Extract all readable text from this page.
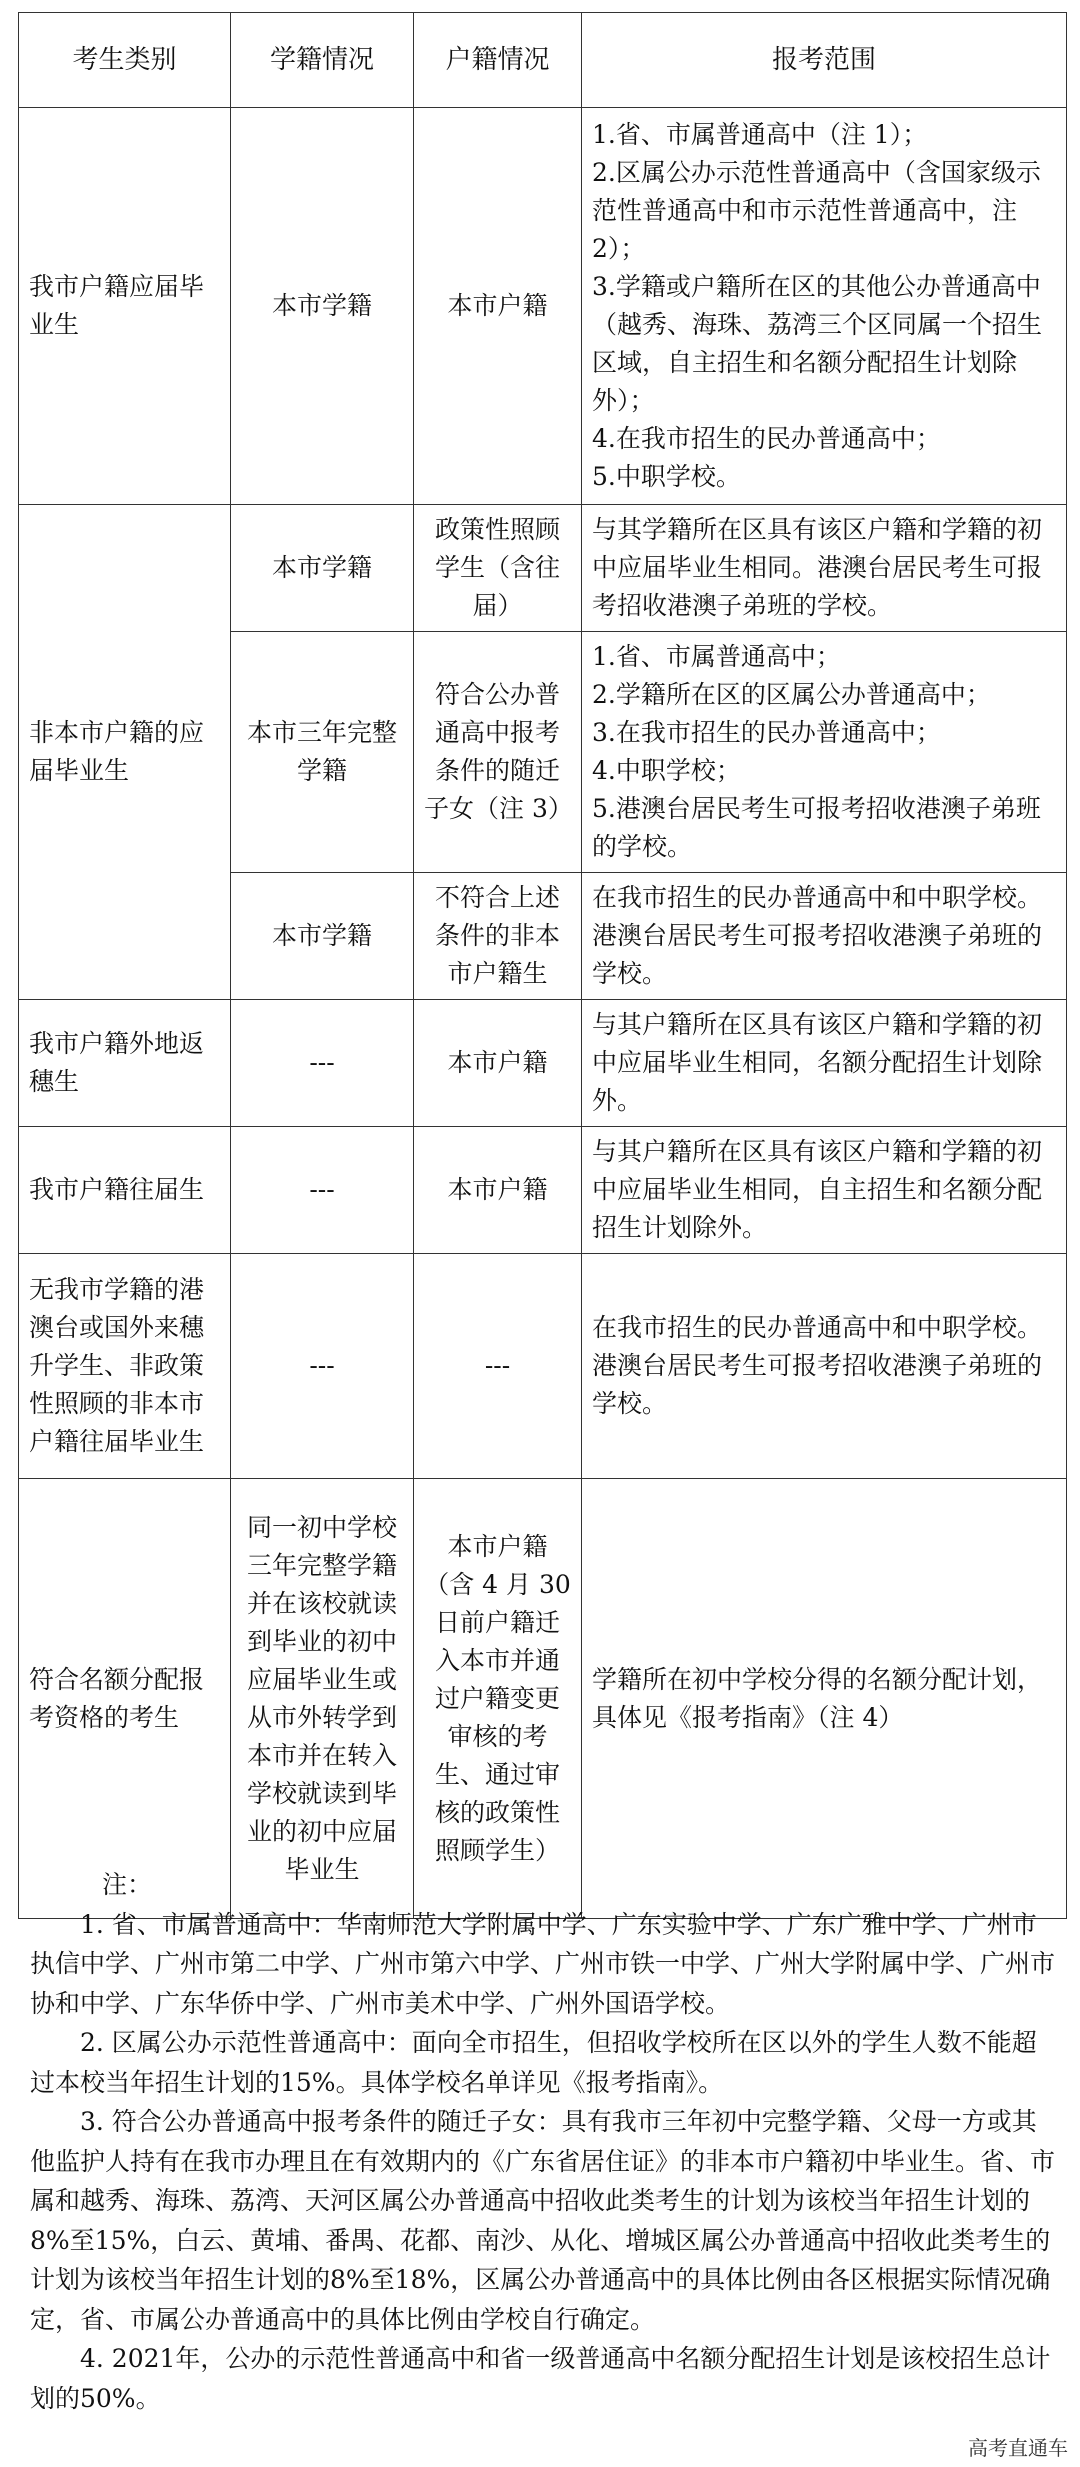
考生类别	学籍情况	户籍情况	报考范围
我市户籍应届毕业生	本市学籍	本市户籍	1.省、市属普通高中（注 1）；
2.区属公办示范性普通高中（含国家级示范性普通高中和市示范性普通高中，注 2）；
3.学籍或户籍所在区的其他公办普通高中（越秀、海珠、荔湾三个区同属一个招生区域，自主招生和名额分配招生计划除外）；
4.在我市招生的民办普通高中；
5.中职学校。

非本市户籍的应届毕业生	本市学籍	政策性照顾学生（含往届）	与其学籍所在区具有该区户籍和学籍的初中应届毕业生相同。港澳台居民考生可报考招收港澳子弟班的学校。
	本市三年完整学籍	符合公办普通高中报考条件的随迁子女（注 3）	1.省、市属普通高中；
2.学籍所在区的区属公办普通高中；
3.在我市招生的民办普通高中；
4.中职学校；
5.港澳台居民考生可报考招收港澳子弟班的学校。

	本市学籍	不符合上述条件的非本市户籍生	在我市招生的民办普通高中和中职学校。港澳台居民考生可报考招收港澳子弟班的学校。
我市户籍外地返穗生	---	本市户籍	与其户籍所在区具有该区户籍和学籍的初中应届毕业生相同，名额分配招生计划除外。
我市户籍往届生	---	本市户籍	与其户籍所在区具有该区户籍和学籍的初中应届毕业生相同，自主招生和名额分配招生计划除外。
无我市学籍的港澳台或国外来穗升学生、非政策性照顾的非本市户籍往届毕业生	---	---	在我市招生的民办普通高中和中职学校。港澳台居民考生可报考招收港澳子弟班的学校。
符合名额分配报考资格的考生	同一初中学校三年完整学籍并在该校就读到毕业的初中应届毕业生或从市外转学到本市并在转入学校就读到毕业的初中应届毕业生	本市户籍（含 4 月 30 日前户籍迁入本市并通过户籍变更审核的考生、通过审核的政策性照顾学生）	学籍所在初中学校分得的名额分配计划，具体见《报考指南》（注 4）

注：

1. 省、市属普通高中：华南师范大学附属中学、广东实验中学、广东广雅中学、广州市执信中学、广州市第二中学、广州市第六中学、广州市铁一中学、广州大学附属中学、广州市协和中学、广东华侨中学、广州市美术中学、广州外国语学校。

2. 区属公办示范性普通高中：面向全市招生，但招收学校所在区以外的学生人数不能超过本校当年招生计划的15%。具体学校名单详见《报考指南》。

3. 符合公办普通高中报考条件的随迁子女：具有我市三年初中完整学籍、父母一方或其他监护人持有在我市办理且在有效期内的《广东省居住证》的非本市户籍初中毕业生。省、市属和越秀、海珠、荔湾、天河区属公办普通高中招收此类考生的计划为该校当年招生计划的8%至15%，白云、黄埔、番禺、花都、南沙、从化、增城区属公办普通高中招收此类考生的计划为该校当年招生计划的8%至18%，区属公办普通高中的具体比例由各区根据实际情况确定，省、市属公办普通高中的具体比例由学校自行确定。

4. 2021年，公办的示范性普通高中和省一级普通高中名额分配招生计划是该校招生总计划的50%。

高考直通车
